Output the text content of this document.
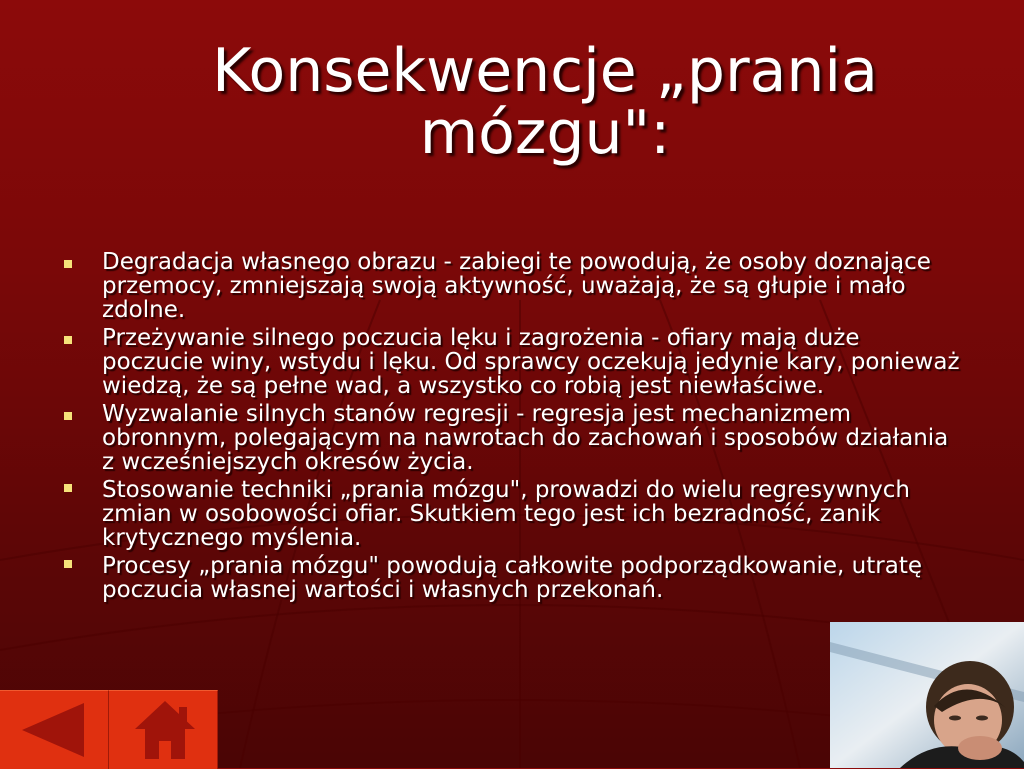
Konsekwencje „prania
mózgu":
Degradacja własnego obrazu - zabiegi te powodują, że osoby doznające przemocy, zmniejszają swoją aktywność, uważają, że są głupie i mało zdolne.
Przeżywanie silnego poczucia lęku i zagrożenia - ofiary mają duże poczucie winy, wstydu i lęku. Od sprawcy oczekują jedynie kary, ponieważ wiedzą, że są pełne wad, a wszystko co robią jest niewłaściwe.
Wyzwalanie silnych stanów regresji - regresja jest mechanizmem obronnym, polegającym na nawrotach do zachowań i sposobów działania z wcześniejszych okresów życia.
Stosowanie techniki „prania mózgu", prowadzi do wielu regresywnych zmian w osobowości ofiar. Skutkiem tego jest ich bezradność, zanik krytycznego myślenia.
Procesy „prania mózgu" powodują całkowite podporządkowanie, utratę poczucia własnej wartości i własnych przekonań.
